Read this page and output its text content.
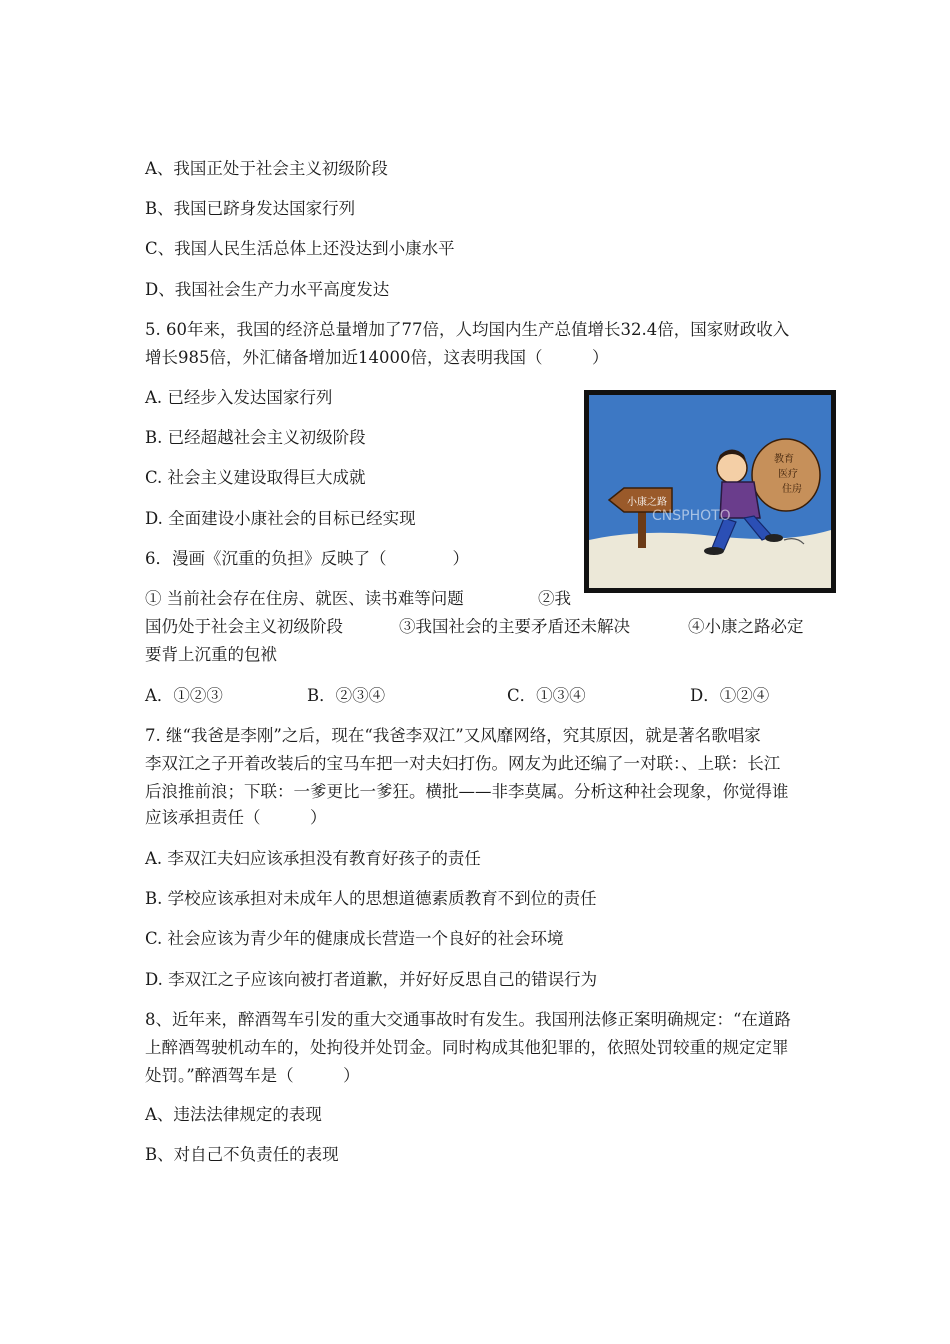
A、我国正处于社会主义初级阶段
B、我国已跻身发达国家行列
C、我国人民生活总体上还没达到小康水平
D、我国社会生产力水平高度发达
5. 60年来，我国的经济总量增加了77倍，人均国内生产总值增长32.4倍，国家财政收入
增长985倍，外汇储备增加近14000倍，这表明我国（　　　）
A. 已经步入发达国家行列
B. 已经超越社会主义初级阶段
C. 社会主义建设取得巨大成就
D. 全面建设小康社会的目标已经实现
6．漫画《沉重的负担》反映了（　　　　）
① 当前社会存在住房、就医、读书难等问题	②我
国仍处于社会主义初级阶段	③我国社会的主要矛盾还未解决	④小康之路必定
要背上沉重的包袱
A．①②③	B．②③④	C．①③④	D．①②④
小康之路
教育
医疗
住房
CNSPHOTO
7. 继“我爸是李刚”之后，现在“我爸李双江”又风靡网络，究其原因，就是著名歌唱家
李双江之子开着改装后的宝马车把一对夫妇打伤。网友为此还编了一对联：、上联：长江
后浪推前浪；下联：一爹更比一爹狂。横批——非李莫属。分析这种社会现象，你觉得谁
应该承担责任（　　　）
A. 李双江夫妇应该承担没有教育好孩子的责任
B. 学校应该承担对未成年人的思想道德素质教育不到位的责任
C. 社会应该为青少年的健康成长营造一个良好的社会环境
D. 李双江之子应该向被打者道歉，并好好反思自己的错误行为
8、近年来，醉酒驾车引发的重大交通事故时有发生。我国刑法修正案明确规定：“在道路
上醉酒驾驶机动车的，处拘役并处罚金。同时构成其他犯罪的，依照处罚较重的规定定罪
处罚。”醉酒驾车是（　　　）
A、违法法律规定的表现
B、对自己不负责任的表现
